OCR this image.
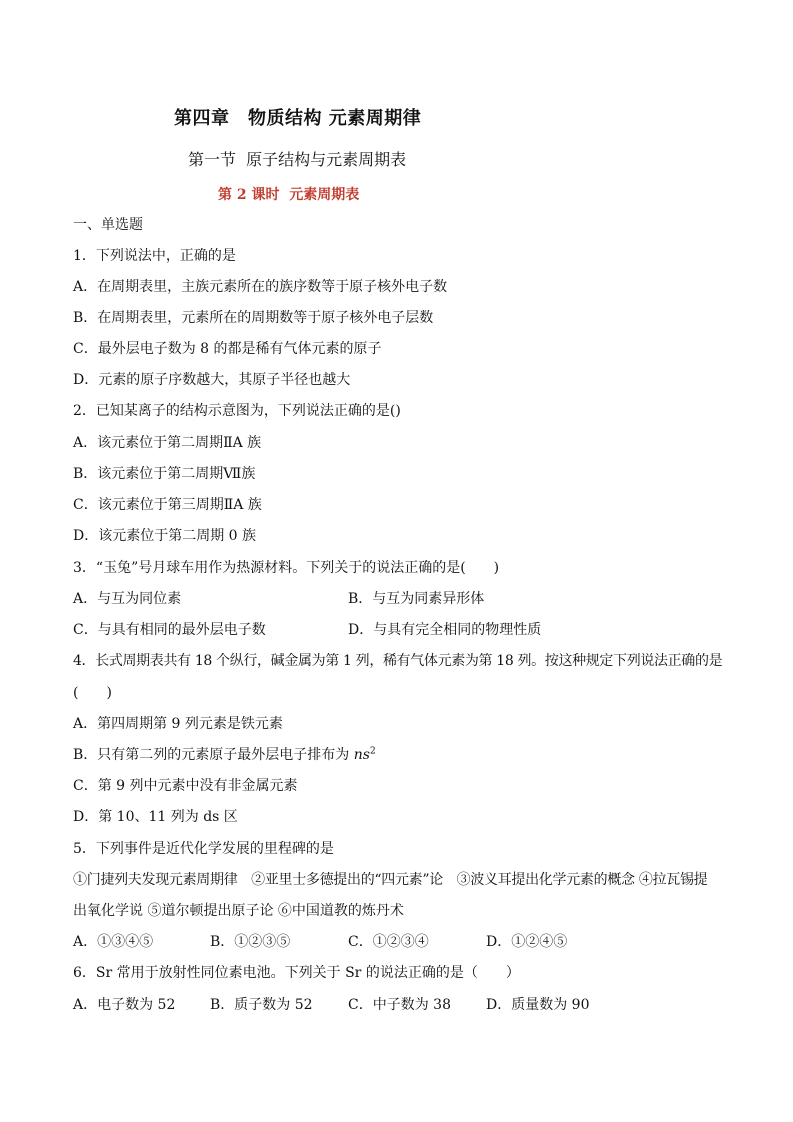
第四章　物质结构 元素周期律
第一节  原子结构与元素周期表
第 2 课时  元素周期表
一、单选题
1．下列说法中，正确的是
A．在周期表里，主族元素所在的族序数等于原子核外电子数
B．在周期表里，元素所在的周期数等于原子核外电子层数
C．最外层电子数为 8 的都是稀有气体元素的原子
D．元素的原子序数越大，其原子半径也越大
2．已知某离子的结构示意图为，下列说法正确的是()
A．该元素位于第二周期ⅡA 族
B．该元素位于第二周期Ⅶ族
C．该元素位于第三周期ⅡA 族
D．该元素位于第二周期 0 族
3．“玉兔”号月球车用作为热源材料。下列关于的说法正确的是(　　)
A．与互为同位素	B．与互为同素异形体
C．与具有相同的最外层电子数	D．与具有完全相同的物理性质
4．长式周期表共有 18 个纵行，碱金属为第 1 列，稀有气体元素为第 18 列。按这种规定下列说法正确的是
(　　)
A．第四周期第 9 列元素是铁元素
B．只有第二列的元素原子最外层电子排布为 $ns^2$
C．第 9 列中元素中没有非金属元素
D．第 10、11 列为 ds 区
5．下列事件是近代化学发展的里程碑的是
①门捷列夫发现元素周期律　②亚里士多德提出的“四元素”论　③波义耳提出化学元素的概念 ④拉瓦锡提
出氧化学说 ⑤道尔顿提出原子论 ⑥中国道教的炼丹术
A．①③④⑤	B．①②③⑤	C．①②③④	D．①②④⑤
6．Sr 常用于放射性同位素电池。下列关于 Sr 的说法正确的是（　　）
A．电子数为 52 B．质子数为 52	C．中子数为 38	D．质量数为 90
